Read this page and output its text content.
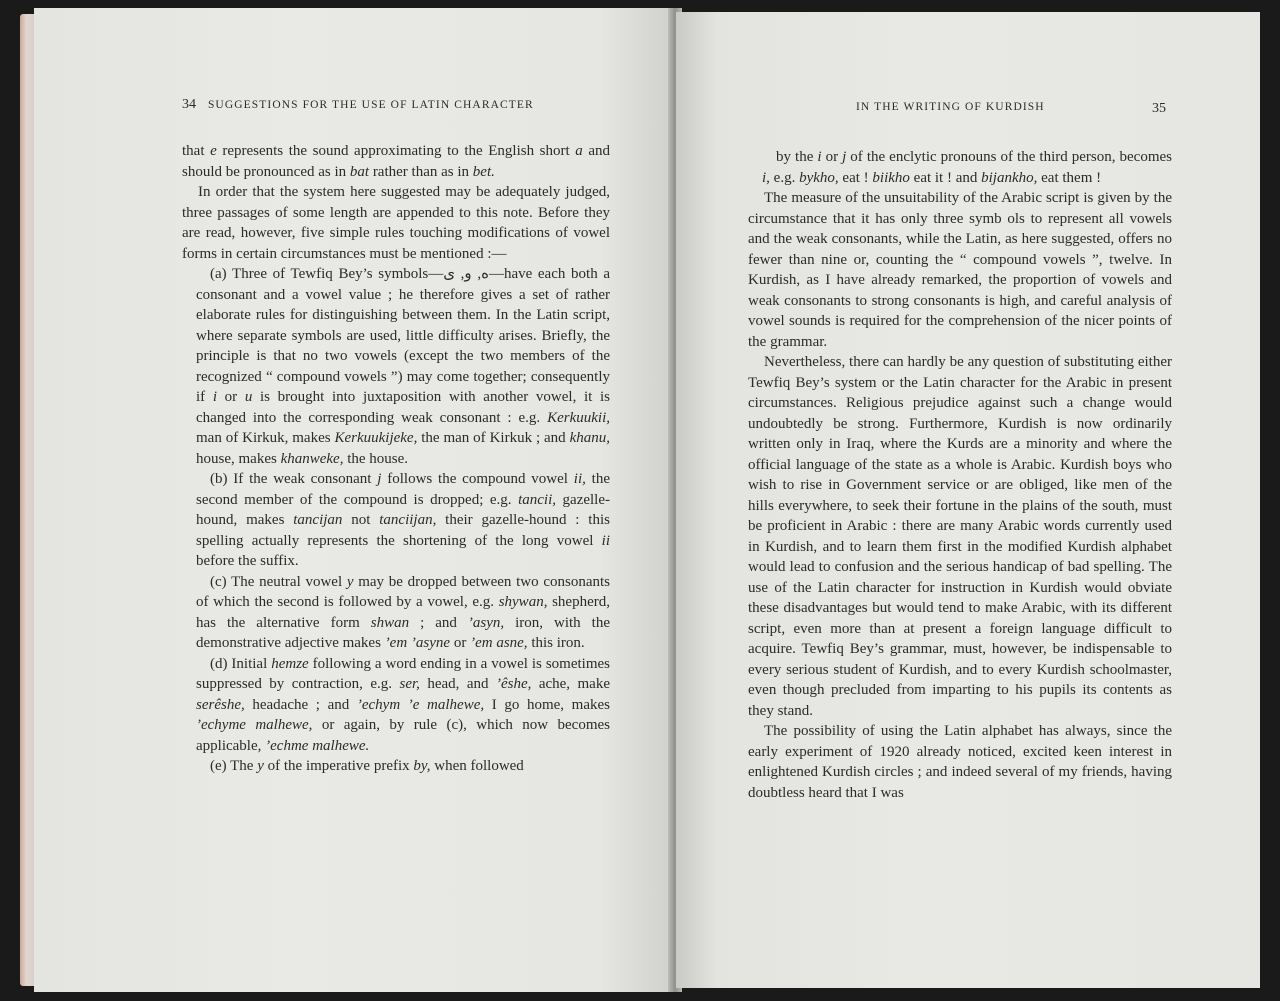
34 SUGGESTIONS FOR THE USE OF LATIN CHARACTER

that e represents the sound approximating to the English short a and should be pronounced as in bat rather than as in bet.

In order that the system here suggested may be adequately judged, three passages of some length are appended to this note. Before they are read, however, five simple rules touching modifications of vowel forms in certain circumstances must be mentioned :—

(a) Three of Tewfiq Bey’s symbols—ە, و, ی—have each both a consonant and a vowel value ; he therefore gives a set of rather elaborate rules for distinguishing between them. In the Latin script, where separate symbols are used, little difficulty arises. Briefly, the principle is that no two vowels (except the two members of the recognized “ compound vowels ”) may come together; consequently if i or u is brought into juxtaposition with another vowel, it is changed into the corresponding weak consonant : e.g. Kerkuukii, man of Kirkuk, makes Kerkuukijeke, the man of Kirkuk ; and khanu, house, makes khanweke, the house.

(b) If the weak consonant j follows the compound vowel ii, the second member of the compound is dropped; e.g. tancii, gazelle-hound, makes tancijan not tanciijan, their gazelle-hound : this spelling actually represents the shortening of the long vowel ii before the suffix.

(c) The neutral vowel y may be dropped between two consonants of which the second is followed by a vowel, e.g. shywan, shepherd, has the alternative form shwan ; and ’asyn, iron, with the demonstrative adjective makes ’em ’asyne or ’em asne, this iron.

(d) Initial hemze following a word ending in a vowel is sometimes suppressed by contraction, e.g. ser, head, and ’êshe, ache, make serêshe, headache ; and ’echym ’e malhewe, I go home, makes ’echyme malhewe, or again, by rule (c), which now becomes applicable, ’echme malhewe.

(e) The y of the imperative prefix by, when followed

IN THE WRITING OF KURDISH	35

by the i or j of the enclytic pronouns of the third person, becomes i, e.g. bykho, eat ! biikho eat it ! and bijankho, eat them !

The measure of the unsuitability of the Arabic script is given by the circumstance that it has only three symb ols to represent all vowels and the weak consonants, while the Latin, as here suggested, offers no fewer than nine or, counting the “ compound vowels ”, twelve. In Kurdish, as I have already remarked, the proportion of vowels and weak consonants to strong consonants is high, and careful analysis of vowel sounds is required for the comprehension of the nicer points of the grammar.

Nevertheless, there can hardly be any question of substituting either Tewfiq Bey’s system or the Latin character for the Arabic in present circumstances. Religious prejudice against such a change would undoubtedly be strong. Furthermore, Kurdish is now ordinarily written only in Iraq, where the Kurds are a minority and where the official language of the state as a whole is Arabic. Kurdish boys who wish to rise in Government service or are obliged, like men of the hills everywhere, to seek their fortune in the plains of the south, must be proficient in Arabic : there are many Arabic words currently used in Kurdish, and to learn them first in the modified Kurdish alphabet would lead to confusion and the serious handicap of bad spelling. The use of the Latin character for instruction in Kurdish would obviate these disadvantages but would tend to make Arabic, with its different script, even more than at present a foreign language difficult to acquire. Tewfiq Bey’s grammar, must, however, be indispensable to every serious student of Kurdish, and to every Kurdish schoolmaster, even though precluded from imparting to his pupils its contents as they stand.

The possibility of using the Latin alphabet has always, since the early experiment of 1920 already noticed, excited keen interest in enlightened Kurdish circles ; and indeed several of my friends, having doubtless heard that I was
